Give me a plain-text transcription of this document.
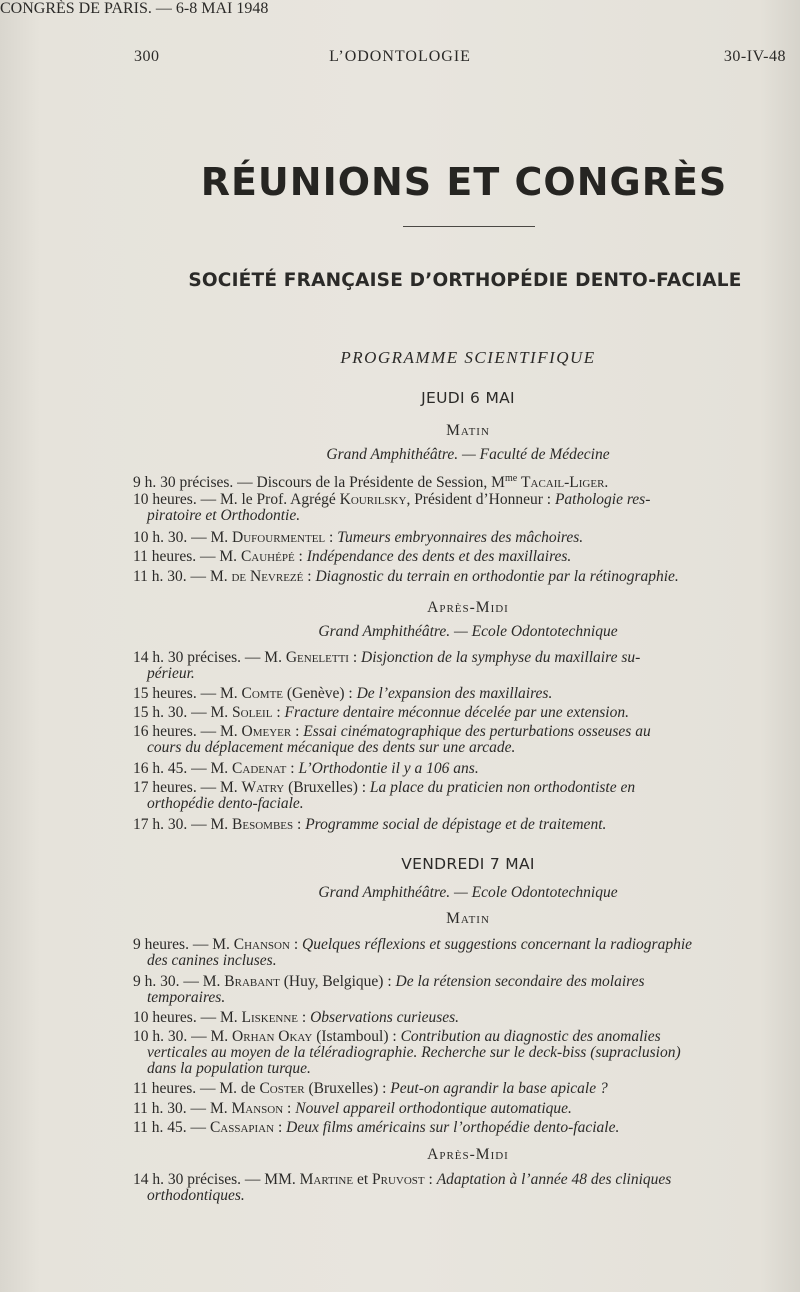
300	L’ODONTOLOGIE	30-IV-48
RÉUNIONS ET CONGRÈS
SOCIÉTÉ FRANÇAISE D’ORTHOPÉDIE DENTO-FACIALE
CONGRÈS DE PARIS. — 6-8 MAI 1948
PROGRAMME SCIENTIFIQUE
JEUDI 6 MAI
Matin
Grand Amphithéâtre. — Faculté de Médecine
9 h. 30 précises. — Discours de la Présidente de Session, $M^{me}$ Tacail-Liger.
10 heures. — M. le Prof. Agrégé Kourilsky, Président d’Honneur : Pathologie res-
piratoire et Orthodontie.
10 h. 30. — M. Dufourmentel : Tumeurs embryonnaires des mâchoires.
11 heures. — M. Cauhépé : Indépendance des dents et des maxillaires.
11 h. 30. — M. de Nevrezé : Diagnostic du terrain en orthodontie par la rétinographie.
Après-Midi
Grand Amphithéâtre. — Ecole Odontotechnique
14 h. 30 précises. — M. Geneletti : Disjonction de la symphyse du maxillaire su-
périeur.
15 heures. — M. Comte (Genève) : De l’expansion des maxillaires.
15 h. 30. — M. Soleil : Fracture dentaire méconnue décelée par une extension.
16 heures. — M. Omeyer : Essai cinématographique des perturbations osseuses au
cours du déplacement mécanique des dents sur une arcade.
16 h. 45. — M. Cadenat : L’Orthodontie il y a 106 ans.
17 heures. — M. Watry (Bruxelles) : La place du praticien non orthodontiste en
orthopédie dento-faciale.
17 h. 30. — M. Besombes : Programme social de dépistage et de traitement.
VENDREDI 7 MAI
Grand Amphithéâtre. — Ecole Odontotechnique
Matin
9 heures. — M. Chanson : Quelques réflexions et suggestions concernant la radiographie
des canines incluses.
9 h. 30. — M. Brabant (Huy, Belgique) : De la rétension secondaire des molaires
temporaires.
10 heures. — M. Liskenne : Observations curieuses.
10 h. 30. — M. Orhan Okay (Istamboul) : Contribution au diagnostic des anomalies
verticales au moyen de la téléradiographie. Recherche sur le deck-biss (supraclusion)
dans la population turque.
11 heures. — M. de Coster (Bruxelles) : Peut-on agrandir la base apicale ?
11 h. 30. — M. Manson : Nouvel appareil orthodontique automatique.
11 h. 45. — Cassapian : Deux films américains sur l’orthopédie dento-faciale.
Après-Midi
14 h. 30 précises. — MM. Martine et Pruvost : Adaptation à l’année 48 des cliniques
orthodontiques.
